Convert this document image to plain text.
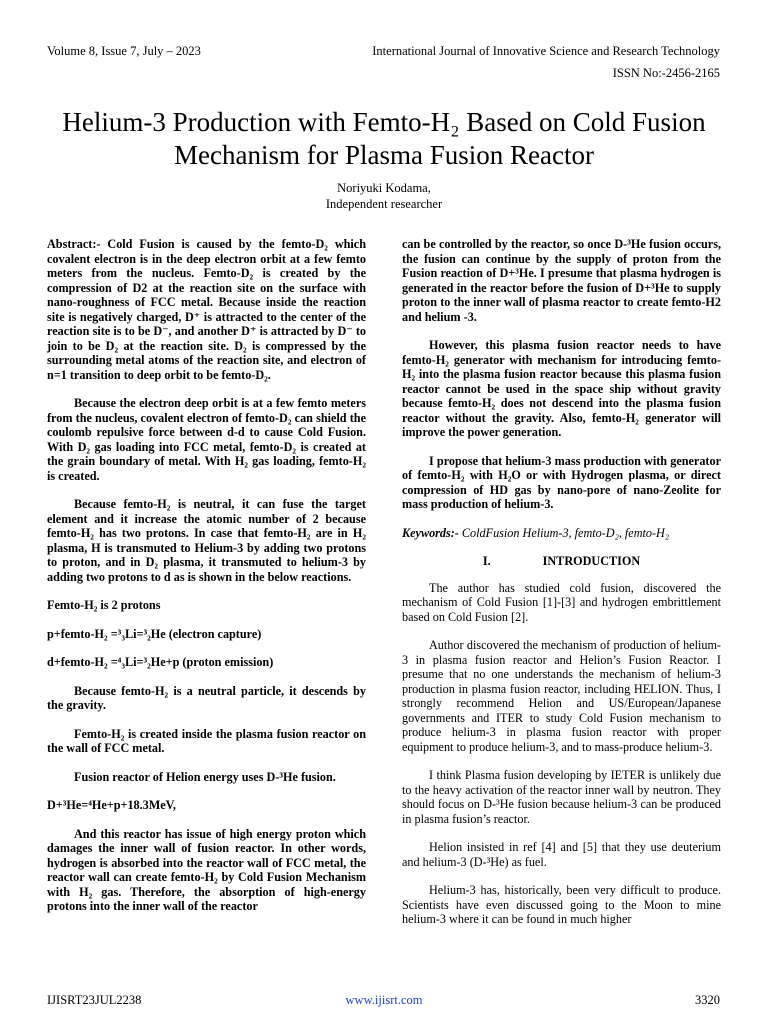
Volume 8, Issue 7, July – 2023	International Journal of Innovative Science and Research Technology
ISSN No:-2456-2165
Helium-3 Production with Femto-H₂ Based on Cold Fusion Mechanism for Plasma Fusion Reactor
Noriyuki Kodama,
Independent researcher

Abstract:- Cold Fusion is caused by the femto-D₂ which covalent electron is in the deep electron orbit at a few femto meters from the nucleus. Femto-D₂ is created by the compression of D2 at the reaction site on the surface with nano-roughness of FCC metal. Because inside the reaction site is negatively charged, D⁺ is attracted to the center of the reaction site is to be D⁻, and another D⁺ is attracted by D⁻ to join to be D₂ at the reaction site. D₂ is compressed by the surrounding metal atoms of the reaction site, and electron of n=1 transition to deep orbit to be femto-D₂.

Because the electron deep orbit is at a few femto meters from the nucleus, covalent electron of femto-D₂ can shield the coulomb repulsive force between d-d to cause Cold Fusion. With D₂ gas loading into FCC metal, femto-D₂ is created at the grain boundary of metal. With H₂ gas loading, femto-H₂ is created.

Because femto-H₂ is neutral, it can fuse the target element and it increase the atomic number of 2 because femto-H₂ has two protons. In case that femto-H₂ are in H₂ plasma, H is transmuted to Helium-3 by adding two protons to proton, and in D₂ plasma, it transmuted to helium-3 by adding two protons to d as is shown in the below reactions.

Femto-H₂ is 2 protons

p+femto-H₂ =³₃Li=³₂He (electron capture)

d+femto-H₂ =⁴₃Li=³₂He+p (proton emission)

Because femto-H₂ is a neutral particle, it descends by the gravity.

Femto-H₂ is created inside the plasma fusion reactor on the wall of FCC metal.

Fusion reactor of Helion energy uses D-³He fusion.

D+³He=⁴He+p+18.3MeV,

And this reactor has issue of high energy proton which damages the inner wall of fusion reactor. In other words, hydrogen is absorbed into the reactor wall of FCC metal, the reactor wall can create femto-H₂ by Cold Fusion Mechanism with H₂ gas. Therefore, the absorption of high-energy protons into the inner wall of the reactor

can be controlled by the reactor, so once D-³He fusion occurs, the fusion can continue by the supply of proton from the Fusion reaction of D+³He. I presume that plasma hydrogen is generated in the reactor before the fusion of D+³He to supply proton to the inner wall of plasma reactor to create femto-H2 and helium -3.

However, this plasma fusion reactor needs to have femto-H₂ generator with mechanism for introducing femto-H₂ into the plasma fusion reactor because this plasma fusion reactor cannot be used in the space ship without gravity because femto-H₂ does not descend into the plasma fusion reactor without the gravity. Also, femto-H₂ generator will improve the power generation.

I propose that helium-3 mass production with generator of femto-H₂ with H₂O or with Hydrogen plasma, or direct compression of HD gas by nano-pore of nano-Zeolite for mass production of helium-3.

Keywords:- ColdFusion Helium-3, femto-D₂, femto-H₂

I.	INTRODUCTION

The author has studied cold fusion, discovered the mechanism of Cold Fusion [1]-[3] and hydrogen embrittlement based on Cold Fusion [2].

Author discovered the mechanism of production of helium-3 in plasma fusion reactor and Helion’s Fusion Reactor. I presume that no one understands the mechanism of helium-3 production in plasma fusion reactor, including HELION. Thus, I strongly recommend Helion and US/European/Japanese governments and ITER to study Cold Fusion mechanism to produce helium-3 in plasma fusion reactor with proper equipment to produce helium-3, and to mass-produce helium-3.

I think Plasma fusion developing by IETER is unlikely due to the heavy activation of the reactor inner wall by neutron. They should focus on D-³He fusion because helium-3 can be produced in plasma fusion’s reactor.

Helion insisted in ref [4] and [5] that they use deuterium and helium-3 (D-³He) as fuel.

Helium-3 has, historically, been very difficult to produce. Scientists have even discussed going to the Moon to mine helium-3 where it can be found in much higher

IJISRT23JUL2238	www.ijisrt.com	3320
